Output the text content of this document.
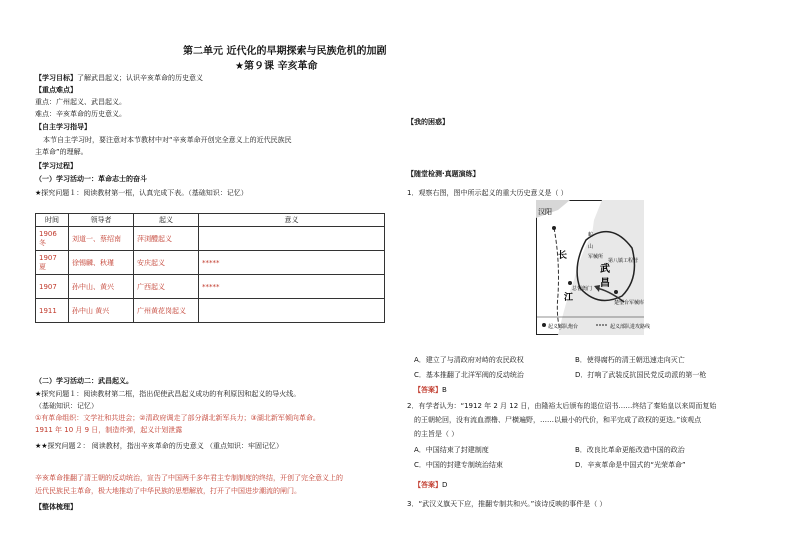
第二单元 近代化的早期探索与民族危机的加剧
★第９课 辛亥革命
【学习目标】了解武昌起义；认识辛亥革命的历史意义
【重点难点】
重点：广州起义、武昌起义。
难点：辛亥革命的历史意义。
【自主学习指导】
本节自主学习时，要注意对本节教材中对“辛亥革命开创完全意义上的近代民族民
主革命”的理解。
【学习过程】
（一）学习活动一：革命志士的奋斗
★探究问题１：阅读教材第一框，认真完成下表。（基础知识：记忆）
时间	领导者	起义	意义
1906 冬	刘道一、蔡绍南	萍浏醴起义	
1907 夏	徐锡麟、秋瑾	安庆起义	*****
1907	孙中山、黄兴	广西起义	*****
1911	孙中山 黄兴	广州黄花岗起义	
（二）学习活动二：武昌起义。
★探究问题１：阅读教材第二框，指出促使武昌起义成功的有利原因和起义的导火线。
（基础知识：记忆）
①有革命组织：文学社和共进会；②清政府调走了部分湖北新军兵力；③湖北新军倾向革命。
1911 年 10 月 9 日，制造炸弹，起义计划泄露
★★探究问题２： 阅读教材，指出辛亥革命的历史意义 （重点知识：牢固记忆）
辛亥革命推翻了清王朝的反动统治，宣告了中国两千多年君主专制制度的终结，开创了完全意义上的
近代民族民主革命，极大地推动了中华民族的思想解放，打开了中国进步潮流的闸门。
【整体梳理】
【我的困惑】
【随堂检测·真题演练】
1．观察右图，图中所示起义的重大历史意义是（ ）
汉阳
长
江
武
昌
蛇
山
军械所
总督衙门
第八镇工程营
楚望台军械库
起义部队炮台	起义部队进攻路线
A．建立了与清政府对峙的农民政权	B．使得腐朽的清王朝迅速走向灭亡
C．基本推翻了北洋军阀的反动统治	D．打响了武装反抗国民党反动派的第一枪
【答案】B
2．有学者认为：“1912 年 2 月 12 日，由隆裕太后颁布的退位诏书……终结了秦始皇以来周而复始
的王朝轮回，没有流血漂橹、尸横遍野，……以最小的代价，和平完成了政权的更迭。”该观点
的主旨是（ ）
A．中国结束了封建制度	B．改良比革命更能改造中国的政治
C．中国的封建专制统治结束	D．辛亥革命是中国式的“光荣革命”
【答案】D
3．“武汉义旗天下应，推翻专制共和兴。”该诗反映的事件是（ ）
